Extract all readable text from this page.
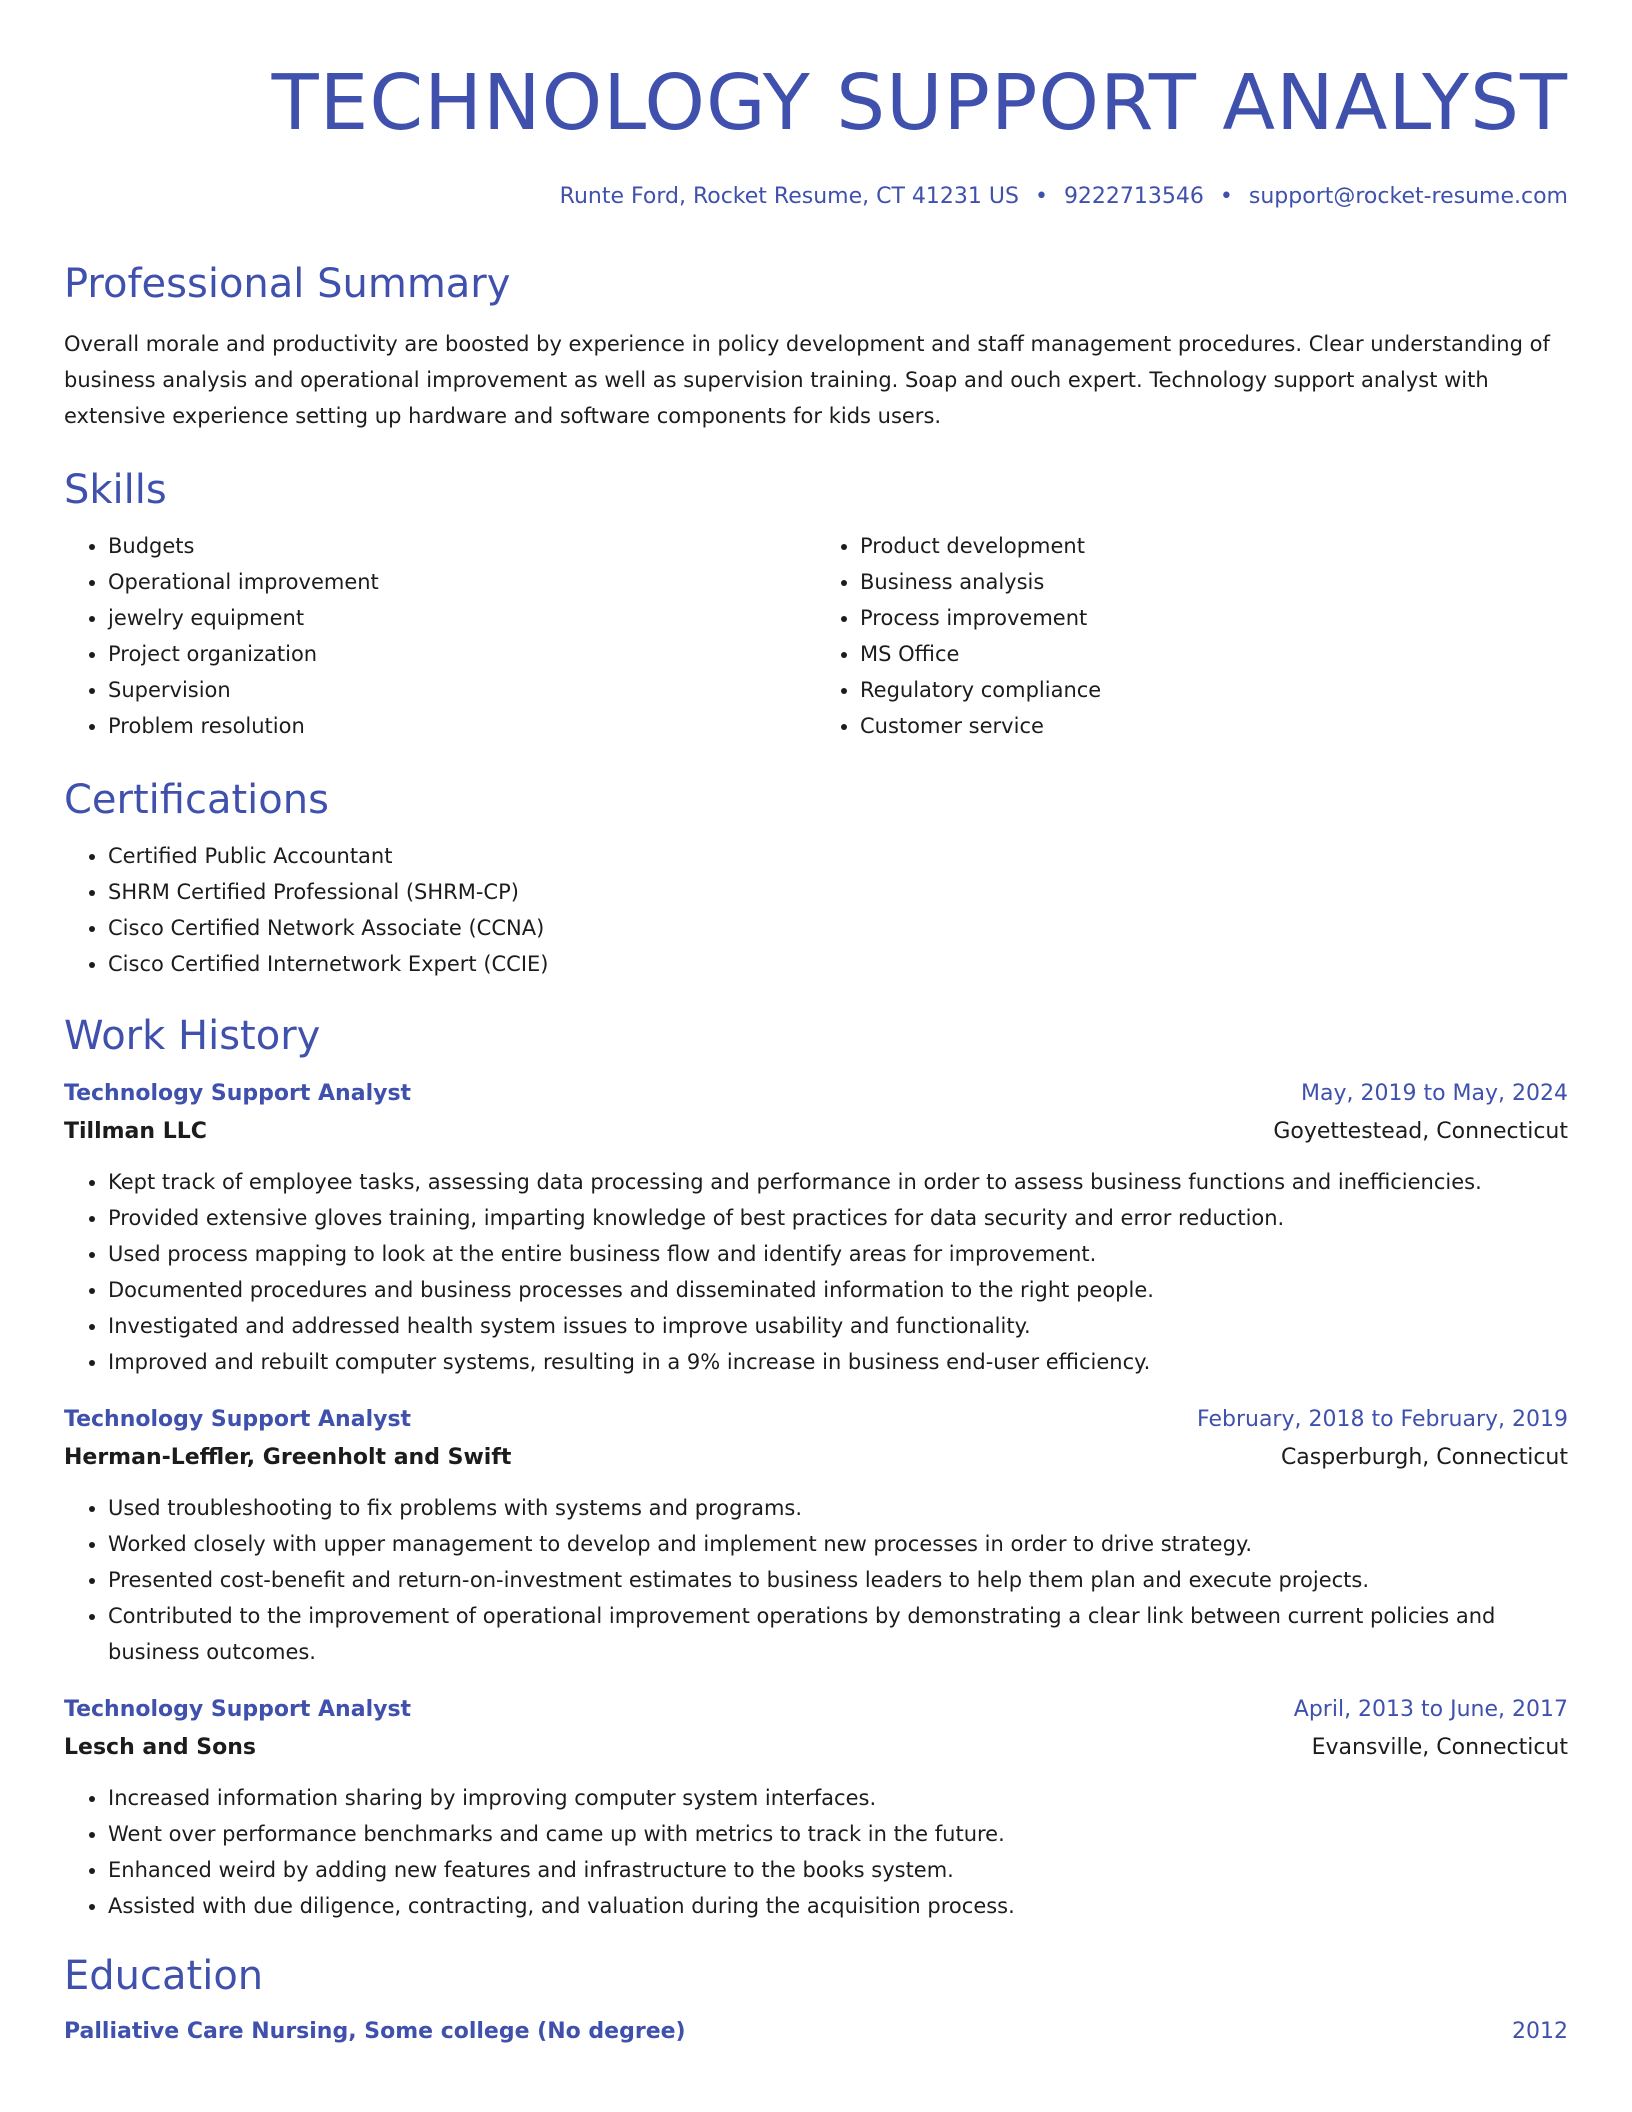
TECHNOLOGY SUPPORT ANALYST
Runte Ford, Rocket Resume, CT 41231 US • 9222713546 • support@rocket-resume.com
Professional Summary
Overall morale and productivity are boosted by experience in policy development and staff management procedures. Clear understanding of business analysis and operational improvement as well as supervision training. Soap and ouch expert. Technology support analyst with extensive experience setting up hardware and software components for kids users.
Skills
• Budgets
• Operational improvement
• jewelry equipment
• Project organization
• Supervision
• Problem resolution
• Product development
• Business analysis
• Process improvement
• MS Office
• Regulatory compliance
• Customer service
Certifications
• Certified Public Accountant
• SHRM Certified Professional (SHRM-CP)
• Cisco Certified Network Associate (CCNA)
• Cisco Certified Internetwork Expert (CCIE)
Work History
Technology Support Analyst	May, 2019 to May, 2024
Tillman LLC	Goyettestead, Connecticut
• Kept track of employee tasks, assessing data processing and performance in order to assess business functions and inefficiencies.
• Provided extensive gloves training, imparting knowledge of best practices for data security and error reduction.
• Used process mapping to look at the entire business flow and identify areas for improvement.
• Documented procedures and business processes and disseminated information to the right people.
• Investigated and addressed health system issues to improve usability and functionality.
• Improved and rebuilt computer systems, resulting in a 9% increase in business end-user efficiency.
Technology Support Analyst	February, 2018 to February, 2019
Herman-Leffler, Greenholt and Swift	Casperburgh, Connecticut
• Used troubleshooting to fix problems with systems and programs.
• Worked closely with upper management to develop and implement new processes in order to drive strategy.
• Presented cost-benefit and return-on-investment estimates to business leaders to help them plan and execute projects.
• Contributed to the improvement of operational improvement operations by demonstrating a clear link between current policies and business outcomes.
Technology Support Analyst	April, 2013 to June, 2017
Lesch and Sons	Evansville, Connecticut
• Increased information sharing by improving computer system interfaces.
• Went over performance benchmarks and came up with metrics to track in the future.
• Enhanced weird by adding new features and infrastructure to the books system.
• Assisted with due diligence, contracting, and valuation during the acquisition process.
Education
Palliative Care Nursing, Some college (No degree)	2012
